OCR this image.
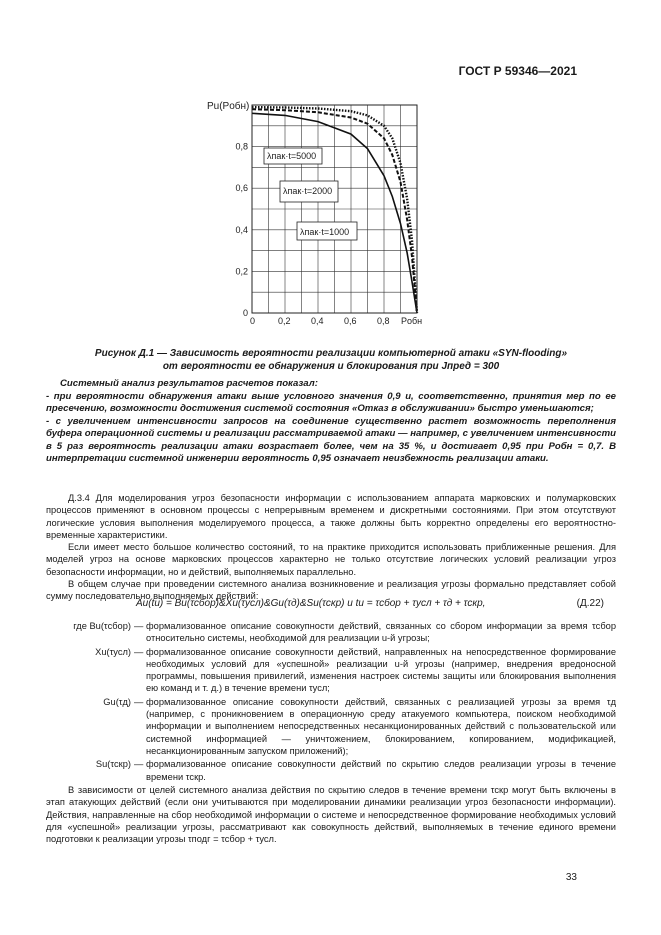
ГОСТ Р 59346—2021
0	0,2 0,4 0,6 0,8
0
0,2
0,4
0,6
0,8
Pu(Pобн)
Pобн
λпак·t=5000
λпак·t=2000
λпак·t=1000
Рисунок Д.1 — Зависимость вероятности реализации компьютерной атаки «SYN-flooding»
от вероятности ее обнаружения и блокирования при Jпред = 300

Системный анализ результатов расчетов показал:

- при вероятности обнаружения атаки выше условного значения 0,9 и, соответственно, принятия мер по ее пресечению, возможности достижения системой состояния «Отказ в обслуживании» быстро уменьшаются;

- с увеличением интенсивности запросов на соединение существенно растет возможность переполнения буфера операционной системы и реализации рассматриваемой атаки — например, с увеличением интенсивности в 5 раз вероятность реализации атаки возрастает более, чем на 35 %, и достигает 0,95 при Pобн = 0,7. В интерпретации системной инженерии вероятность 0,95 означает неизбежность реализации атаки.

Д.3.4 Для моделирования угроз безопасности информации с использованием аппарата марковских и полумарковских процессов применяют в основном процессы с непрерывным временем и дискретными состояниями. При этом отсутствуют логические условия выполнения моделируемого процесса, а также должны быть корректно определены его вероятностно-временные характеристики.

Если имеет место большое количество состояний, то на практике приходится использовать приближенные решения. Для моделей угроз на основе марковских процессов характерно не только отсутствие логических условий реализации угроз безопасности информации, но и действий, выполняемых параллельно.

В общем случае при проведении системного анализа возникновение и реализация угрозы формально представляет собой сумму последовательно выполняемых действий:

Au(tu) = Bu(τсбор)&Xu(τусл)&Gu(τд)&Su(τскр) и tu = τсбор + τусл + τд + τскр,	(Д.22)
где Bu(τсбор) — формализованное описание совокупности действий, связанных со сбором информации за время τсбор относительно системы, необходимой для реализации u-й угрозы;
Xu(τусл) — формализованное описание совокупности действий, направленных на непосредственное формирование необходимых условий для «успешной» реализации u-й угрозы (например, внедрения вредоносной программы, повышения привилегий, изменения настроек системы защиты или блокирования выполнения ею команд и т. д.) в течение времени τусл;
Gu(τд) — формализованное описание совокупности действий, связанных с реализацией угрозы за время τд (например, с проникновением в операционную среду атакуемого компьютера, поиском необходимой информации и выполнением непосредственных несанкционированных действий с пользовательской или системной информацией — уничтожением, блокированием, копированием, модификацией, несанкционированным запуском приложений);
Su(τскр) — формализованное описание совокупности действий по скрытию следов реализации угрозы в течение времени τскр.

В зависимости от целей системного анализа действия по скрытию следов в течение времени τскр могут быть включены в этап атакующих действий (если они учитываются при моделировании динамики реализации угроз безопасности информации). Действия, направленные на сбор необходимой информации о системе и непосредственное формирование необходимых условий для «успешной» реализации угрозы, рассматривают как совокупность действий, выполняемых в течение единого времени подготовки к реализации угрозы τподг = τсбор + τусл.

33
